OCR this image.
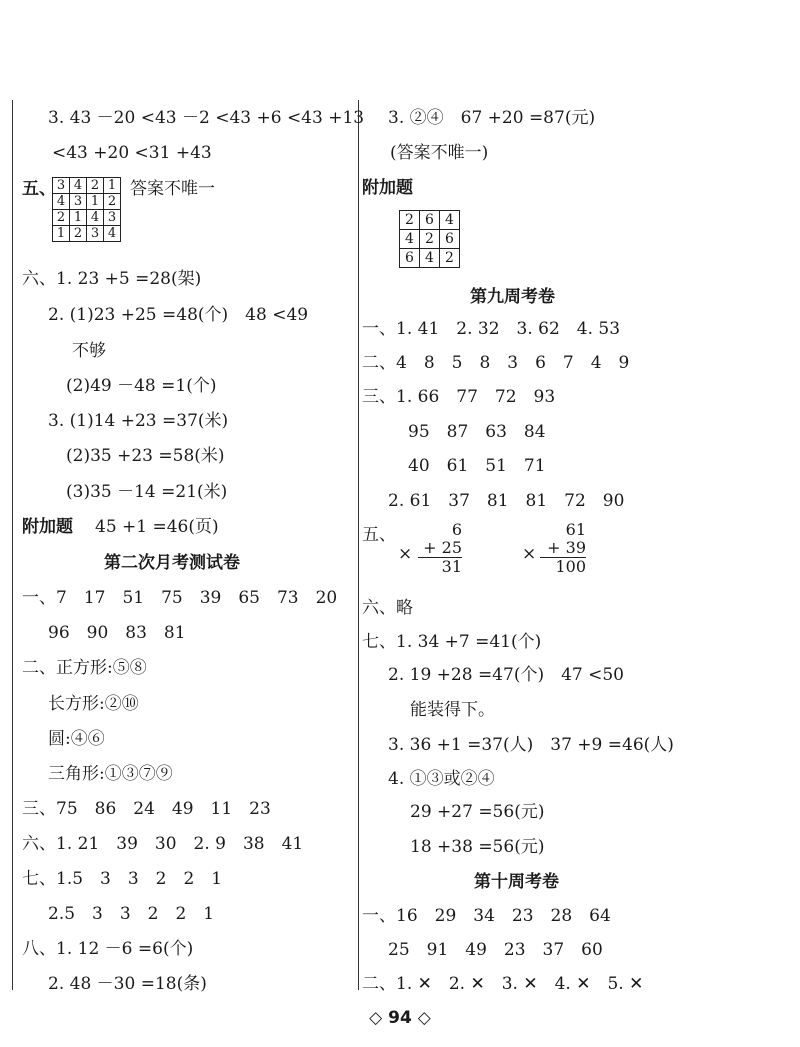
3. 43 －20 <43 －2 <43 +6 <43 +13
<43 +20 <31 +43
五、 3	4	2	1
4	3	1	2
2	1	4	3
1	2	3	4
答案不唯一
六、1. 23 +5 =28(架)
2. (1)23 +25 =48(个)　48 <49
不够
(2)49 －48 =1(个)
3. (1)14 +23 =37(米)
(2)35 +23 =58(米)
(3)35 －14 =21(米)
附加题 45 +1 =46(页)
第二次月考测试卷
一、7　17　51　75　39　65　73　20
96　90　83　81
二、正方形:⑤⑧
长方形:②⑩
圆:④⑥
三角形:①③⑦⑨
三、75　86　24　49　11　23
六、1. 21　39　30　2. 9　38　41
七、1.5　3　3　2　2　1
2.5　3　3　2　2　1
八、1. 12 －6 =6(个)
2. 48 －30 =18(条)
3. ②④　67 +20 =87(元)
(答案不唯一)
附加题
2	6	4
4	2	6
6	4	2
第九周考卷
一、1. 41　2. 32　3. 62　4. 53
二、4　8　5　8　3　6　7　4　9
三、1. 66　77　72　93
95　87　63　84
40　61　51　71
2. 61　37　81　81　72　90
五、
×
6
+ 25
31
×
61
+ 39
100
六、略
七、1. 34 +7 =41(个)
2. 19 +28 =47(个)　47 <50
能装得下。
3. 36 +1 =37(人)　37 +9 =46(人)
4. ①③或②④
29 +27 =56(元)
18 +38 =56(元)
第十周考卷
一、16　29　34　23　28　64
25　91　49　23　37　60
二、1. ✕　2. ✕　3. ✕　4. ✕　5. ✕
◇ 94 ◇
